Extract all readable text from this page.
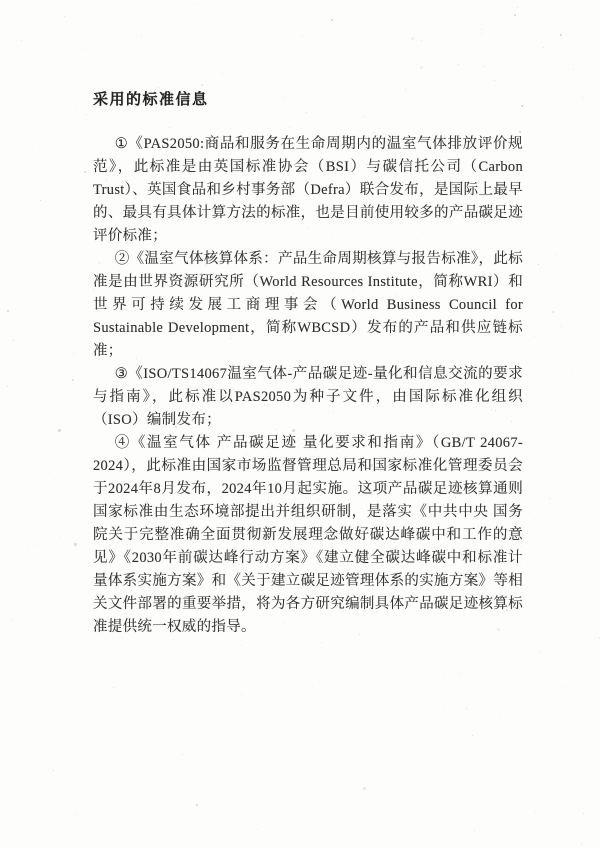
采用的标准信息

①《PAS2050:商品和服务在生命周期内的温室气体排放评价规范》，此标准是由英国标准协会（BSI）与碳信托公司（Carbon Trust）、英国食品和乡村事务部（Defra）联合发布，是国际上最早的、最具有具体计算方法的标准，也是目前使用较多的产品碳足迹评价标准；

②《温室气体核算体系：产品生命周期核算与报告标准》，此标准是由世界资源研究所（World Resources Institute，简称WRI）和世界可持续发展工商理事会（World Business Council for Sustainable Development，简称WBCSD）发布的产品和供应链标准；

③《ISO/TS14067温室气体-产品碳足迹-量化和信息交流的要求与指南》，此标准以PAS2050为种子文件，由国际标准化组织（ISO）编制发布；

④《温室气体 产品碳足迹 量化要求和指南》（GB/T 24067-2024），此标准由国家市场监督管理总局和国家标准化管理委员会于2024年8月发布，2024年10月起实施。这项产品碳足迹核算通则国家标准由生态环境部提出并组织研制，是落实《中共中央 国务院关于完整准确全面贯彻新发展理念做好碳达峰碳中和工作的意见》《2030年前碳达峰行动方案》《建立健全碳达峰碳中和标准计量体系实施方案》和《关于建立碳足迹管理体系的实施方案》等相关文件部署的重要举措，将为各方研究编制具体产品碳足迹核算标准提供统一权威的指导。
